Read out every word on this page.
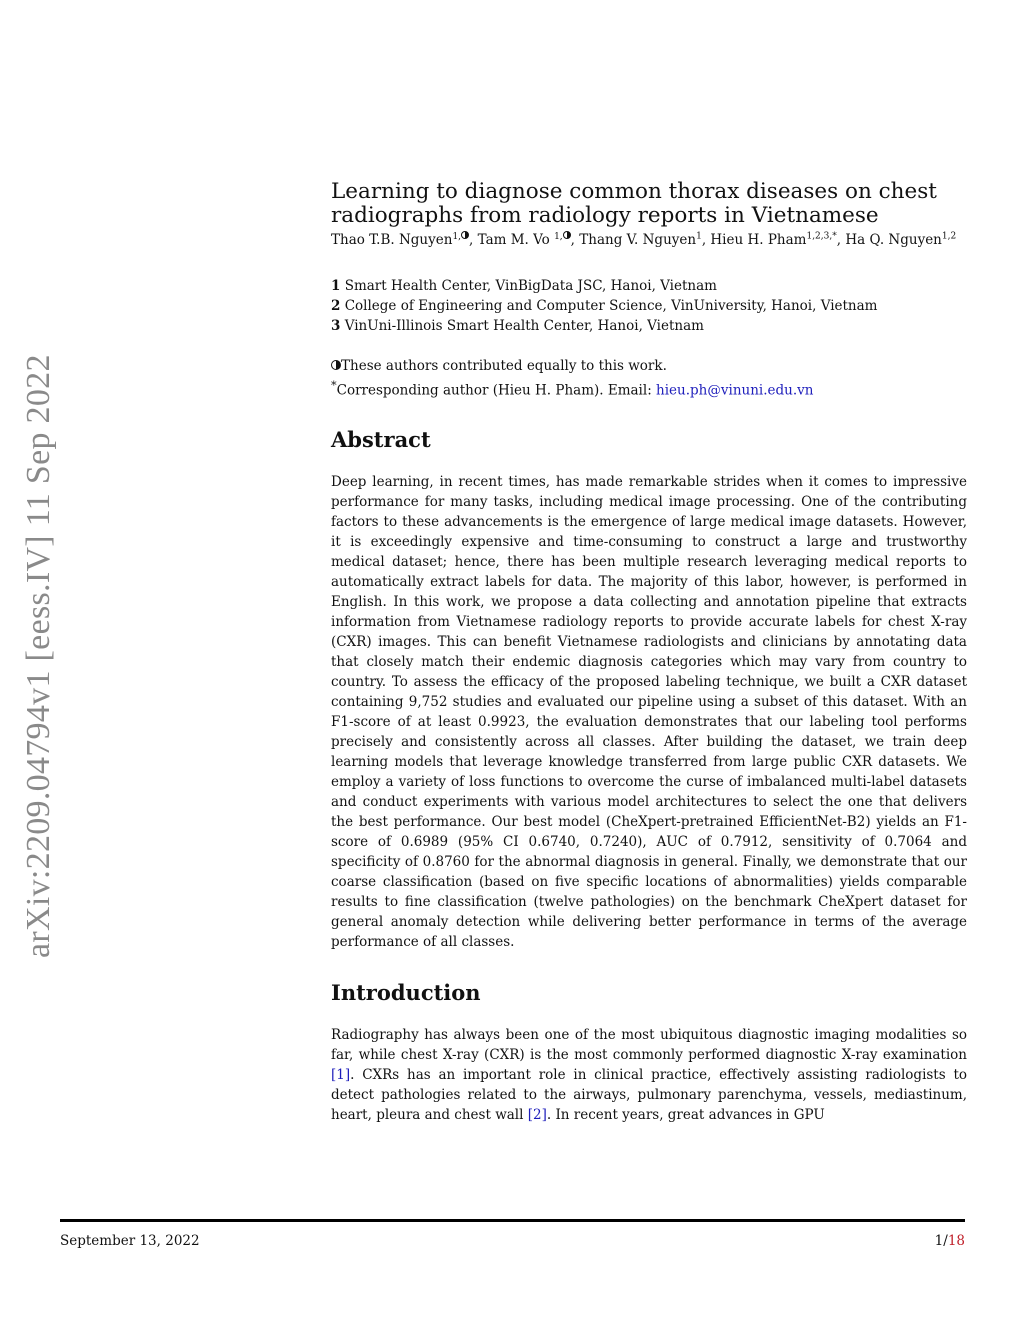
arXiv:2209.04794v1 [eess.IV] 11 Sep 2022
Learning to diagnose common thorax diseases on chest radiographs from radiology reports in Vietnamese
Thao T.B. Nguyen$^{1,}$ , Tam M. Vo $^{1,}$ , Thang V. Nguyen$^1$, Hieu H. Pham$^{1,2,3,*}$, Ha Q. Nguyen$^{1,2}$
1 Smart Health Center, VinBigData JSC, Hanoi, Vietnam
2 College of Engineering and Computer Science, VinUniversity, Hanoi, Vietnam
3 VinUni-Illinois Smart Health Center, Hanoi, Vietnam
These authors contributed equally to this work.
*Corresponding author (Hieu H. Pham). Email: hieu.ph@vinuni.edu.vn
Abstract

Deep learning, in recent times, has made remarkable strides when it comes to impressive performance for many tasks, including medical image processing. One of the contributing factors to these advancements is the emergence of large medical image datasets. However, it is exceedingly expensive and time-consuming to construct a large and trustworthy medical dataset; hence, there has been multiple research leveraging medical reports to automatically extract labels for data. The majority of this labor, however, is performed in English. In this work, we propose a data collecting and annotation pipeline that extracts information from Vietnamese radiology reports to provide accurate labels for chest X-ray (CXR) images. This can benefit Vietnamese radiologists and clinicians by annotating data that closely match their endemic diagnosis categories which may vary from country to country. To assess the efficacy of the proposed labeling technique, we built a CXR dataset containing 9,752 studies and evaluated our pipeline using a subset of this dataset. With an F1-score of at least 0.9923, the evaluation demonstrates that our labeling tool performs precisely and consistently across all classes. After building the dataset, we train deep learning models that leverage knowledge transferred from large public CXR datasets. We employ a variety of loss functions to overcome the curse of imbalanced multi-label datasets and conduct experiments with various model architectures to select the one that delivers the best performance. Our best model (CheXpert-pretrained EfficientNet-B2) yields an F1-score of 0.6989 (95% CI 0.6740, 0.7240), AUC of 0.7912, sensitivity of 0.7064 and specificity of 0.8760 for the abnormal diagnosis in general. Finally, we demonstrate that our coarse classification (based on five specific locations of abnormalities) yields comparable results to fine classification (twelve pathologies) on the benchmark CheXpert dataset for general anomaly detection while delivering better performance in terms of the average performance of all classes.

Introduction

Radiography has always been one of the most ubiquitous diagnostic imaging modalities so far, while chest X-ray (CXR) is the most commonly performed diagnostic X-ray examination [1]. CXRs has an important role in clinical practice, effectively assisting radiologists to detect pathologies related to the airways, pulmonary parenchyma, vessels, mediastinum, heart, pleura and chest wall [2]. In recent years, great advances in GPU

September 13, 2022	1/18
